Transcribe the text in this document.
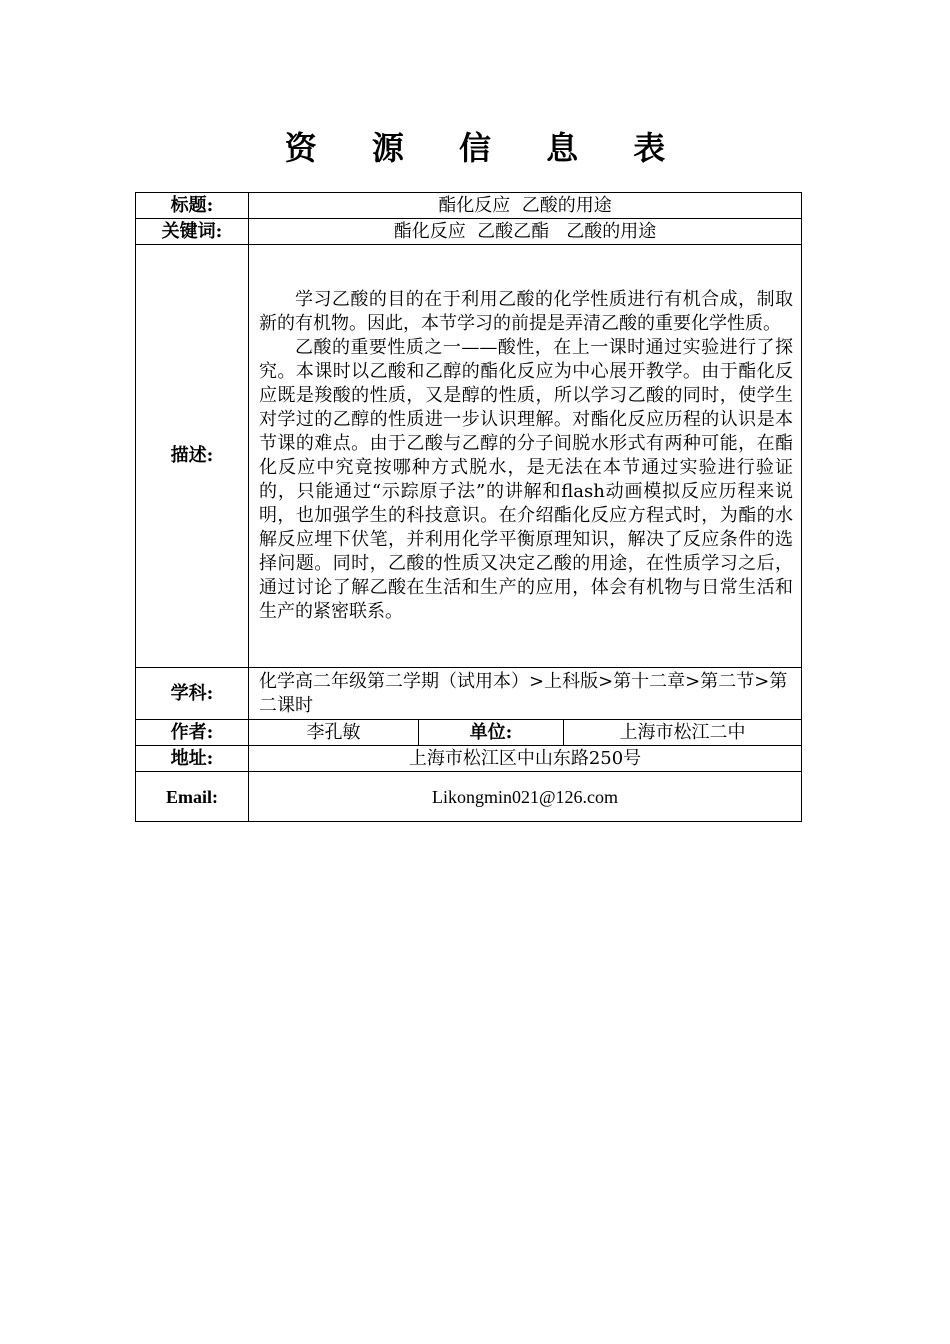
资 源 信 息 表
标题:	酯化反应  乙酸的用途		
关键词:	酯化反应  乙酸乙酯   乙酸的用途		
描述:	学习乙酸的目的在于利用乙酸的化学性质进行有机合成，制取新的有机物。因此，本节学习的前提是弄清乙酸的重要化学性质。

乙酸的重要性质之一——酸性，在上一课时通过实验进行了探究。本课时以乙酸和乙醇的酯化反应为中心展开教学。由于酯化反应既是羧酸的性质，又是醇的性质，所以学习乙酸的同时，使学生对学过的乙醇的性质进一步认识理解。对酯化反应历程的认识是本节课的难点。由于乙酸与乙醇的分子间脱水形式有两种可能，在酯化反应中究竟按哪种方式脱水，是无法在本节通过实验进行验证的，只能通过“示踪原子法”的讲解和flash动画模拟反应历程来说明，也加强学生的科技意识。在介绍酯化反应方程式时，为酯的水解反应埋下伏笔，并利用化学平衡原理知识，解决了反应条件的选择问题。同时，乙酸的性质又决定乙酸的用途，在性质学习之后，通过讨论了解乙酸在生活和生产的应用，体会有机物与日常生活和生产的紧密联系。		

学科:	化学高二年级第二学期（试用本）>上科版>第十二章>第二节>第二课时		
作者:	李孔敏	单位:	上海市松江二中
地址:	上海市松江区中山东路250号		
Email:	Likongmin021@126.com		
